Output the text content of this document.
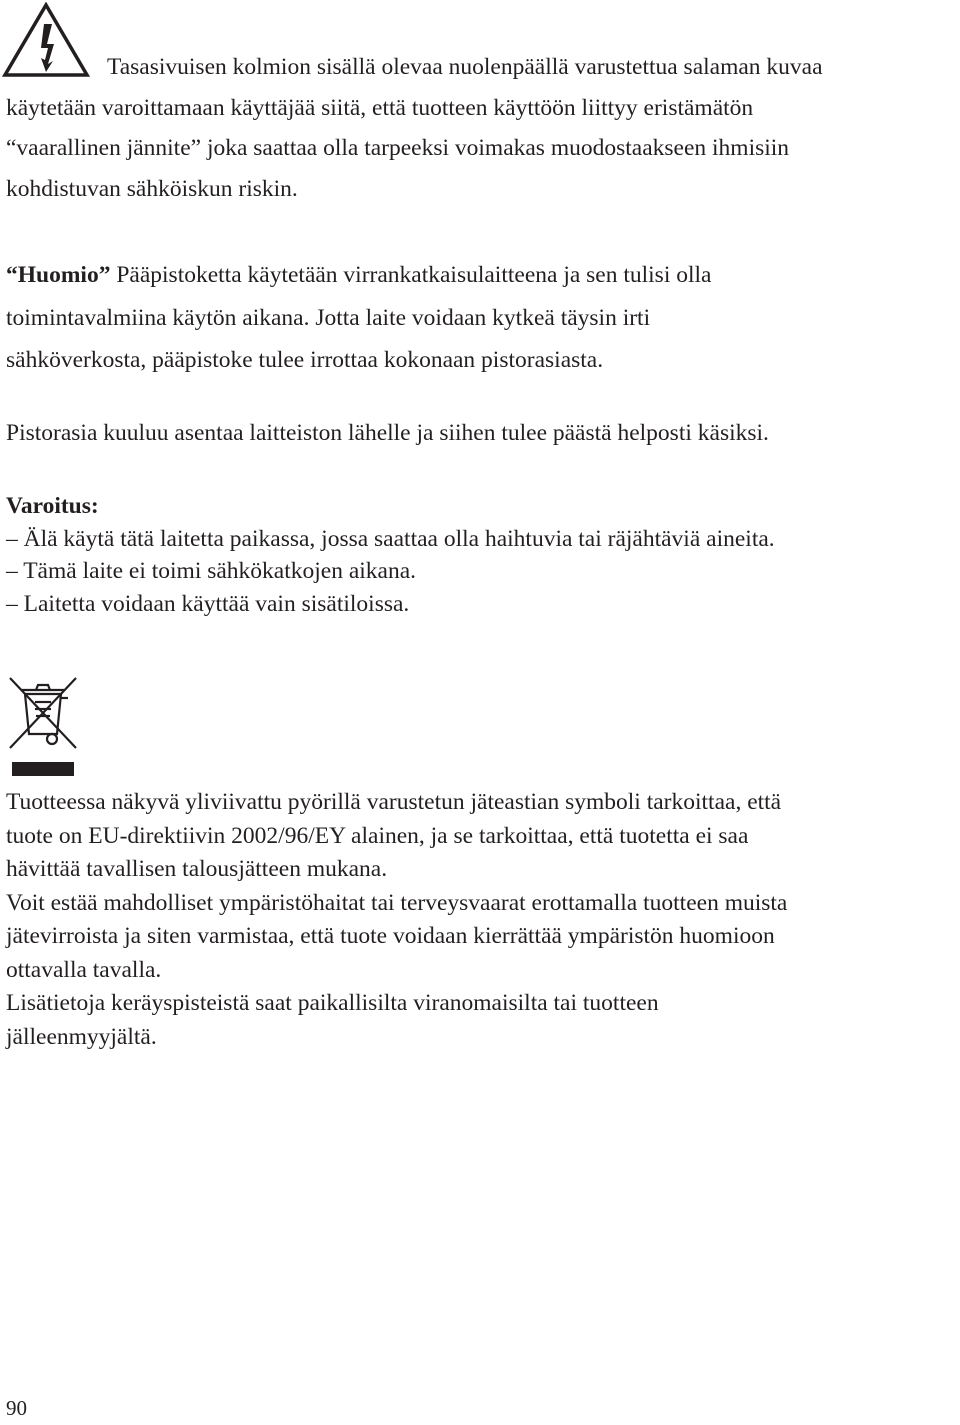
Tasasivuisen kolmion sisällä olevaa nuolenpäällä varustettua salaman kuvaa
käytetään varoittamaan käyttäjää siitä, että tuotteen käyttöön liittyy eristämätön
“vaarallinen jännite” joka saattaa olla tarpeeksi voimakas muodostaakseen ihmisiin
kohdistuvan sähköiskun riskin.
“Huomio” Pääpistoketta käytetään virrankatkaisulaitteena ja sen tulisi olla
toimintavalmiina käytön aikana. Jotta laite voidaan kytkeä täysin irti
sähköverkosta, pääpistoke tulee irrottaa kokonaan pistorasiasta.
Pistorasia kuuluu asentaa laitteiston lähelle ja siihen tulee päästä helposti käsiksi.
Varoitus:
– Älä käytä tätä laitetta paikassa, jossa saattaa olla haihtuvia tai räjähtäviä aineita.
– Tämä laite ei toimi sähkökatkojen aikana.
– Laitetta voidaan käyttää vain sisätiloissa.
Tuotteessa näkyvä yliviivattu pyörillä varustetun jäteastian symboli tarkoittaa, että
tuote on EU-direktiivin 2002/96/EY alainen, ja se tarkoittaa, että tuotetta ei saa
hävittää tavallisen talousjätteen mukana.
Voit estää mahdolliset ympäristöhaitat tai terveysvaarat erottamalla tuotteen muista
jätevirroista ja siten varmistaa, että tuote voidaan kierrättää ympäristön huomioon
ottavalla tavalla.
Lisätietoja keräyspisteistä saat paikallisilta viranomaisilta tai tuotteen
jälleenmyyjältä.
90
